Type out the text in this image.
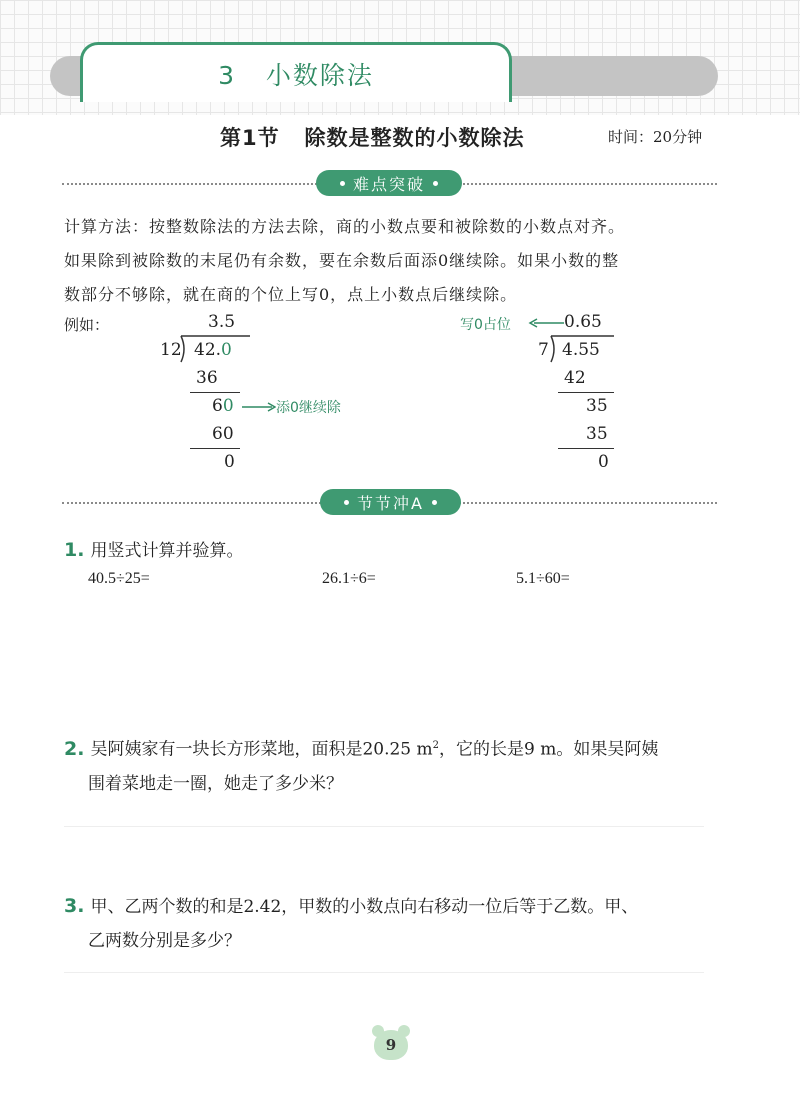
3   小数除法
第1节   除数是整数的小数除法	时间：20分钟
难点突破

计算方法：按整数除法的方法去除，商的小数点要和被除数的小数点对齐。

如果除到被除数的末尾仍有余数，要在余数后面添0继续除。如果小数的整

数部分不够除，就在商的个位上写0，点上小数点后继续除。

例如：	3.5
12 42.0
36
60	添0继续除
60
0
写0占位	0.65
7 4.55
42
35
35
0
节节冲A
1. 用竖式计算并验算。
40.5÷25=	26.1÷6=	5.1÷60=
2. 吴阿姨家有一块长方形菜地，面积是20.25 $m^2$，它的长是9 m。如果吴阿姨
围着菜地走一圈，她走了多少米？
3. 甲、乙两个数的和是2.42，甲数的小数点向右移动一位后等于乙数。甲、
乙两数分别是多少？
9
